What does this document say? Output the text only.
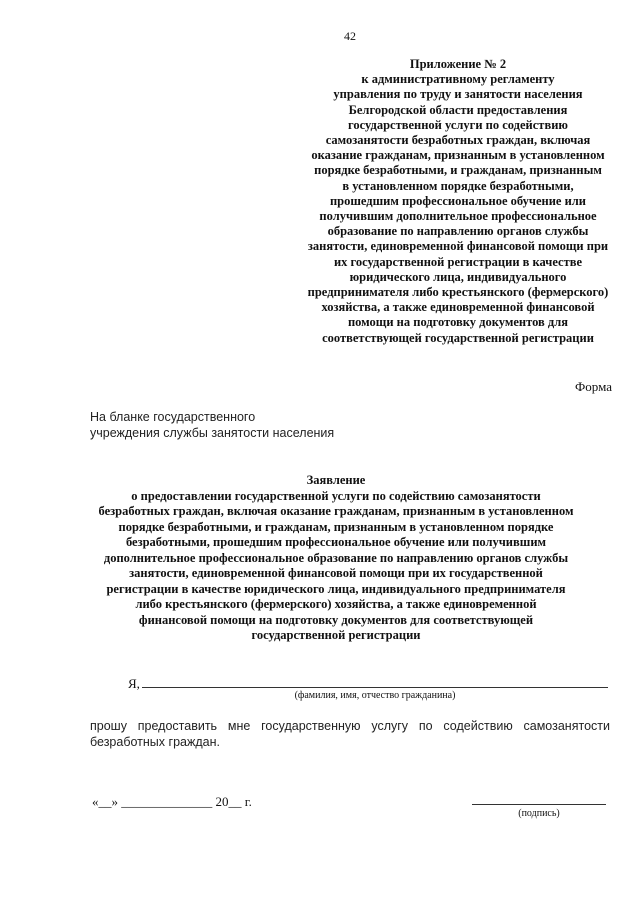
42
Приложение № 2
к административному регламенту
управления по труду и занятости населения
Белгородской области предоставления
государственной услуги по содействию
самозанятости безработных граждан, включая
оказание гражданам, признанным в установленном
порядке безработными, и гражданам, признанным
в установленном порядке безработными,
прошедшим профессиональное обучение или
получившим дополнительное профессиональное
образование по направлению органов службы
занятости, единовременной финансовой помощи при
их государственной регистрации в качестве
юридического лица, индивидуального
предпринимателя либо крестьянского (фермерского)
хозяйства, а также единовременной финансовой
помощи на подготовку документов для
соответствующей государственной регистрации
Форма
На бланке государственного
учреждения службы занятости населения
Заявление
о предоставлении государственной услуги по содействию самозанятости
безработных граждан, включая оказание гражданам, признанным в установленном
порядке безработными, и гражданам, признанным в установленном порядке
безработными, прошедшим профессиональное обучение или получившим
дополнительное профессиональное образование по направлению органов службы
занятости, единовременной финансовой помощи при их государственной
регистрации в качестве юридического лица, индивидуального предпринимателя
либо крестьянского (фермерского) хозяйства, а также единовременной
финансовой помощи на подготовку документов для соответствующей
государственной регистрации
Я,
(фамилия, имя, отчество гражданина)
прошу предоставить мне государственную услугу по содействию самозанятости
безработных граждан.
«__» ______________ 20__ г.
(подпись)
